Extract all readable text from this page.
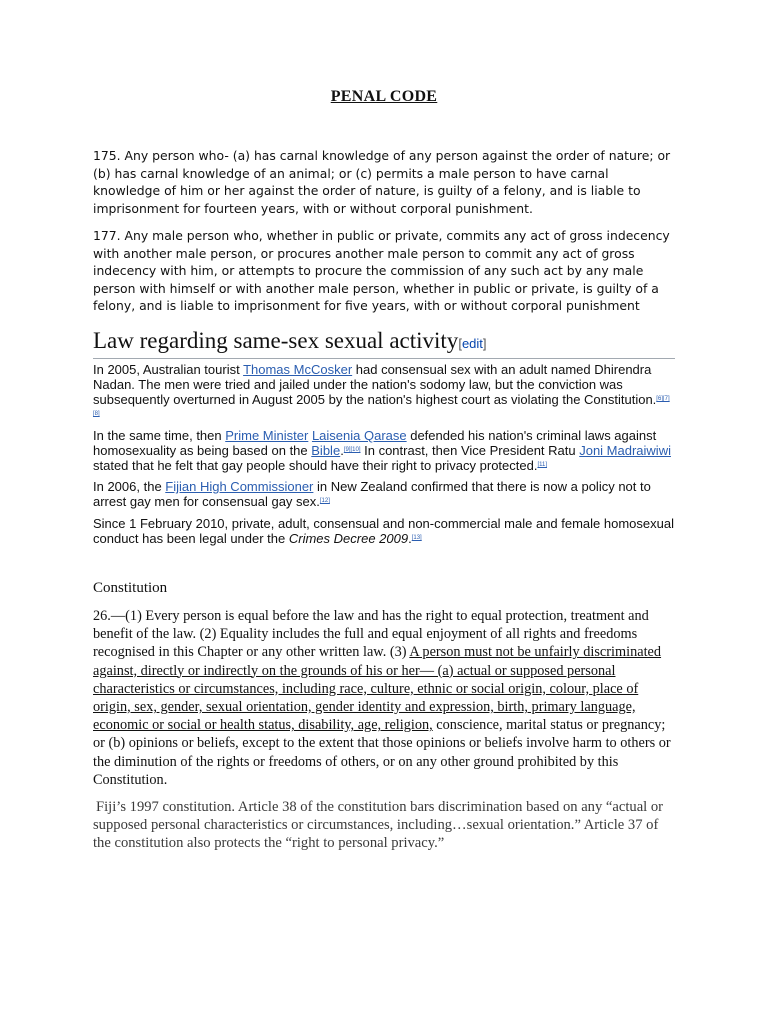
PENAL CODE

175. Any person who- (a) has carnal knowledge of any person against the order of nature; or (b) has carnal knowledge of an animal; or (c) permits a male person to have carnal knowledge of him or her against the order of nature, is guilty of a felony, and is liable to imprisonment for fourteen years, with or without corporal punishment.

177. Any male person who, whether in public or private, commits any act of gross indecency with another male person, or procures another male person to commit any act of gross indecency with him, or attempts to procure the commission of any such act by any male person with himself or with another male person, whether in public or private, is guilty of a felony, and is liable to imprisonment for five years, with or without corporal punishment

Law regarding same-sex sexual activity[edit]

In 2005, Australian tourist Thomas McCosker had consensual sex with an adult named Dhirendra Nadan. The men were tried and jailed under the nation's sodomy law, but the conviction was subsequently overturned in August 2005 by the nation's highest court as violating the Constitution.[6][7][8]

In the same time, then Prime Minister Laisenia Qarase defended his nation's criminal laws against homosexuality as being based on the Bible.[9][10] In contrast, then Vice President Ratu Joni Madraiwiwi stated that he felt that gay people should have their right to privacy protected.[11]

In 2006, the Fijian High Commissioner in New Zealand confirmed that there is now a policy not to arrest gay men for consensual gay sex.[12]

Since 1 February 2010, private, adult, consensual and non-commercial male and female homosexual conduct has been legal under the Crimes Decree 2009.[13]

Constitution

26.—(1) Every person is equal before the law and has the right to equal protection, treatment and benefit of the law. (2) Equality includes the full and equal enjoyment of all rights and freedoms recognised in this Chapter or any other written law. (3) A person must not be unfairly discriminated against, directly or indirectly on the grounds of his or her— (a) actual or supposed personal characteristics or circumstances, including race, culture, ethnic or social origin, colour, place of origin, sex, gender, sexual orientation, gender identity and expression, birth, primary language, economic or social or health status, disability, age, religion, conscience, marital status or pregnancy; or (b) opinions or beliefs, except to the extent that those opinions or beliefs involve harm to others or the diminution of the rights or freedoms of others, or on any other ground prohibited by this Constitution.

Fiji’s 1997 constitution. Article 38 of the constitution bars discrimination based on any “actual or supposed personal characteristics or circumstances, including…sexual orientation.” Article 37 of the constitution also protects the “right to personal privacy.”
